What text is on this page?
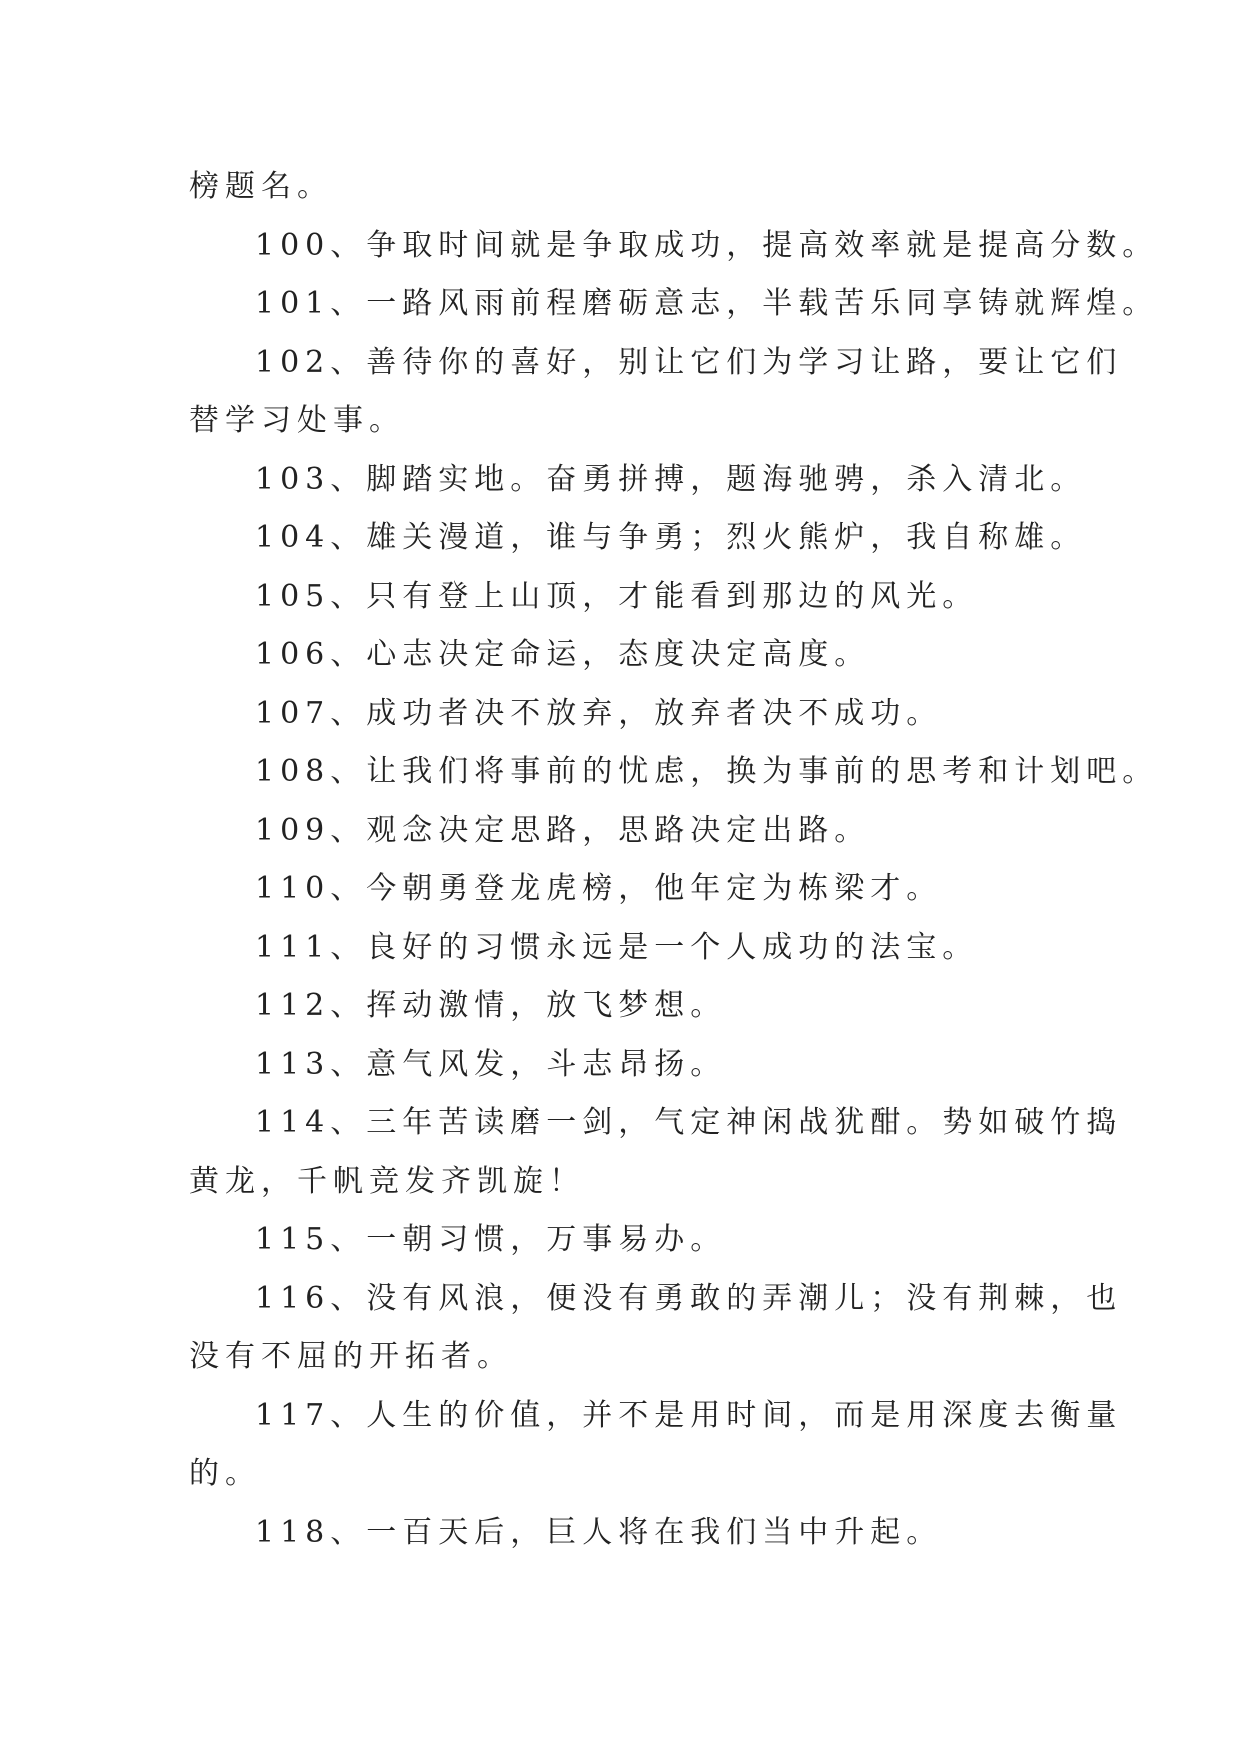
榜题名。
100、争取时间就是争取成功，提高效率就是提高分数。
101、一路风雨前程磨砺意志，半载苦乐同享铸就辉煌。
102、善待你的喜好，别让它们为学习让路，要让它们
替学习处事。
103、脚踏实地。奋勇拼搏，题海驰骋，杀入清北。
104、雄关漫道，谁与争勇；烈火熊炉，我自称雄。
105、只有登上山顶，才能看到那边的风光。
106、心志决定命运，态度决定高度。
107、成功者决不放弃，放弃者决不成功。
108、让我们将事前的忧虑，换为事前的思考和计划吧。
109、观念决定思路，思路决定出路。
110、今朝勇登龙虎榜，他年定为栋梁才。
111、良好的习惯永远是一个人成功的法宝。
112、挥动激情，放飞梦想。
113、意气风发，斗志昂扬。
114、三年苦读磨一剑，气定神闲战犹酣。势如破竹捣
黄龙，千帆竞发齐凯旋！
115、一朝习惯，万事易办。
116、没有风浪，便没有勇敢的弄潮儿；没有荆棘，也
没有不屈的开拓者。
117、人生的价值，并不是用时间，而是用深度去衡量
的。
118、一百天后，巨人将在我们当中升起。
